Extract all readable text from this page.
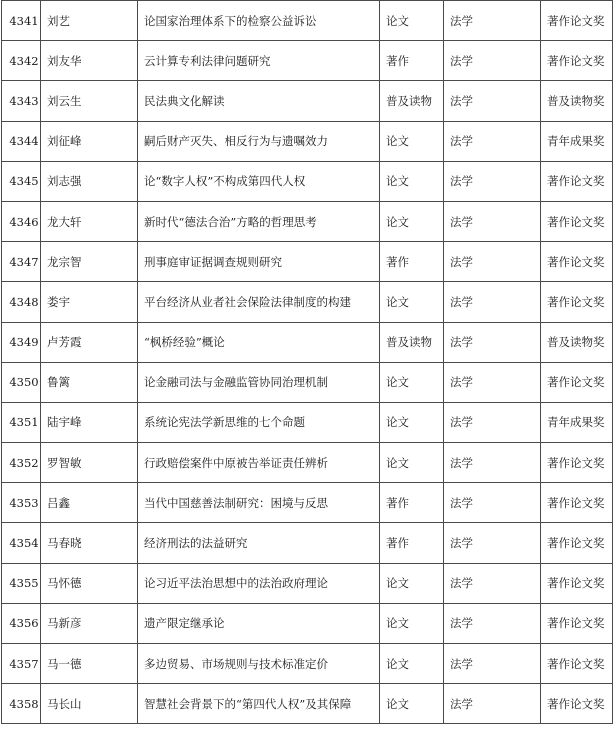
4341	刘艺	论国家治理体系下的检察公益诉讼	论文	法学	著作论文奖
4342	刘友华	云计算专利法律问题研究	著作	法学	著作论文奖
4343	刘云生	民法典文化解读	普及读物	法学	普及读物奖
4344	刘征峰	嗣后财产灭失、相反行为与遗嘱效力	论文	法学	青年成果奖
4345	刘志强	论“数字人权”不构成第四代人权	论文	法学	著作论文奖
4346	龙大轩	新时代“德法合治”方略的哲理思考	论文	法学	著作论文奖
4347	龙宗智	刑事庭审证据调查规则研究	著作	法学	著作论文奖
4348	娄宇	平台经济从业者社会保险法律制度的构建	论文	法学	著作论文奖
4349	卢芳霞	“枫桥经验”概论	普及读物	法学	普及读物奖
4350	鲁篱	论金融司法与金融监管协同治理机制	论文	法学	著作论文奖
4351	陆宇峰	系统论宪法学新思维的七个命题	论文	法学	青年成果奖
4352	罗智敏	行政赔偿案件中原被告举证责任辨析	论文	法学	著作论文奖
4353	吕鑫	当代中国慈善法制研究：困境与反思	著作	法学	著作论文奖
4354	马春晓	经济刑法的法益研究	著作	法学	著作论文奖
4355	马怀德	论习近平法治思想中的法治政府理论	论文	法学	著作论文奖
4356	马新彦	遗产限定继承论	论文	法学	著作论文奖
4357	马一德	多边贸易、市场规则与技术标准定价	论文	法学	著作论文奖
4358	马长山	智慧社会背景下的“第四代人权”及其保障	论文	法学	著作论文奖
